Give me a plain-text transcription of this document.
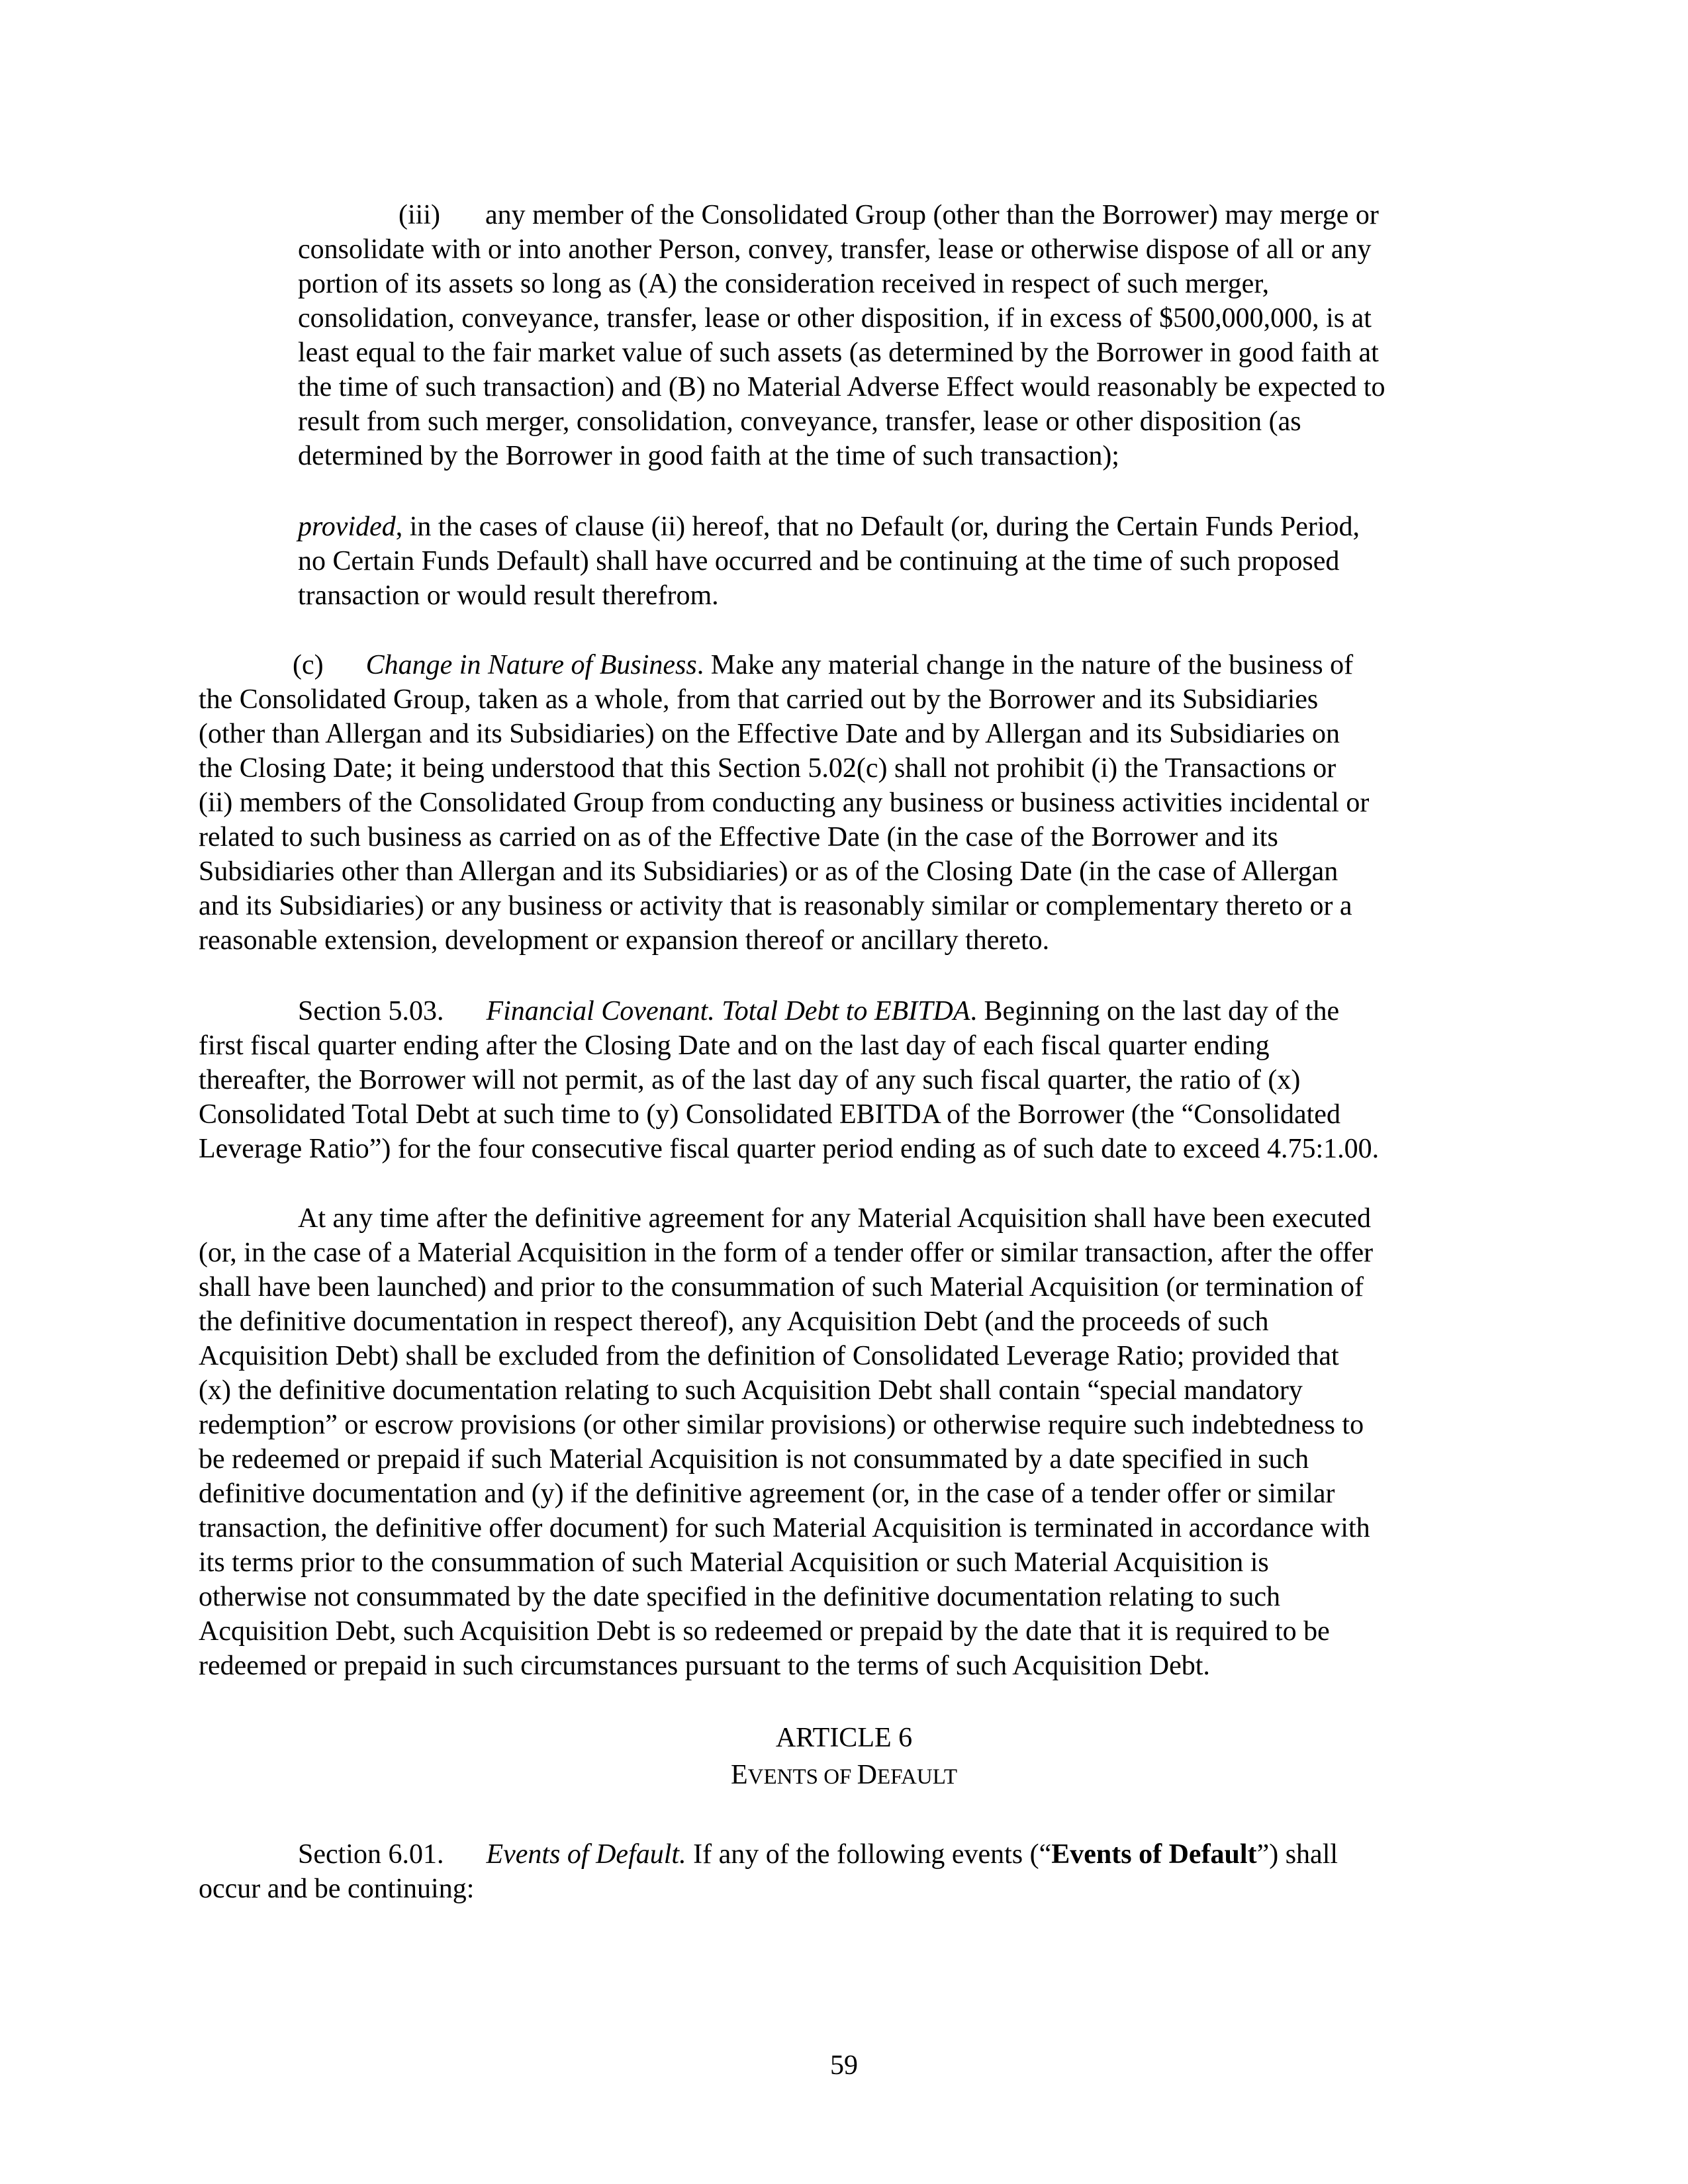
(iii) any member of the Consolidated Group (other than the Borrower) may merge or
consolidate with or into another Person, convey, transfer, lease or otherwise dispose of all or any
portion of its assets so long as (A) the consideration received in respect of such merger,
consolidation, conveyance, transfer, lease or other disposition, if in excess of $500,000,000, is at
least equal to the fair market value of such assets (as determined by the Borrower in good faith at
the time of such transaction) and (B) no Material Adverse Effect would reasonably be expected to
result from such merger, consolidation, conveyance, transfer, lease or other disposition (as
determined by the Borrower in good faith at the time of such transaction);
provided, in the cases of clause (ii) hereof, that no Default (or, during the Certain Funds Period,
no Certain Funds Default) shall have occurred and be continuing at the time of such proposed
transaction or would result therefrom.
(c) Change in Nature of Business. Make any material change in the nature of the business of
the Consolidated Group, taken as a whole, from that carried out by the Borrower and its Subsidiaries
(other than Allergan and its Subsidiaries) on the Effective Date and by Allergan and its Subsidiaries on
the Closing Date; it being understood that this Section 5.02(c) shall not prohibit (i) the Transactions or
(ii) members of the Consolidated Group from conducting any business or business activities incidental or
related to such business as carried on as of the Effective Date (in the case of the Borrower and its
Subsidiaries other than Allergan and its Subsidiaries) or as of the Closing Date (in the case of Allergan
and its Subsidiaries) or any business or activity that is reasonably similar or complementary thereto or a
reasonable extension, development or expansion thereof or ancillary thereto.
Section 5.03. Financial Covenant. Total Debt to EBITDA. Beginning on the last day of the
first fiscal quarter ending after the Closing Date and on the last day of each fiscal quarter ending
thereafter, the Borrower will not permit, as of the last day of any such fiscal quarter, the ratio of (x)
Consolidated Total Debt at such time to (y) Consolidated EBITDA of the Borrower (the “Consolidated
Leverage Ratio”) for the four consecutive fiscal quarter period ending as of such date to exceed 4.75:1.00.
At any time after the definitive agreement for any Material Acquisition shall have been executed
(or, in the case of a Material Acquisition in the form of a tender offer or similar transaction, after the offer
shall have been launched) and prior to the consummation of such Material Acquisition (or termination of
the definitive documentation in respect thereof), any Acquisition Debt (and the proceeds of such
Acquisition Debt) shall be excluded from the definition of Consolidated Leverage Ratio; provided that
(x) the definitive documentation relating to such Acquisition Debt shall contain “special mandatory
redemption” or escrow provisions (or other similar provisions) or otherwise require such indebtedness to
be redeemed or prepaid if such Material Acquisition is not consummated by a date specified in such
definitive documentation and (y) if the definitive agreement (or, in the case of a tender offer or similar
transaction, the definitive offer document) for such Material Acquisition is terminated in accordance with
its terms prior to the consummation of such Material Acquisition or such Material Acquisition is
otherwise not consummated by the date specified in the definitive documentation relating to such
Acquisition Debt, such Acquisition Debt is so redeemed or prepaid by the date that it is required to be
redeemed or prepaid in such circumstances pursuant to the terms of such Acquisition Debt.
ARTICLE 6
EVENTS OF DEFAULT
Section 6.01. Events of Default. If any of the following events (“Events of Default”) shall
occur and be continuing:
59
